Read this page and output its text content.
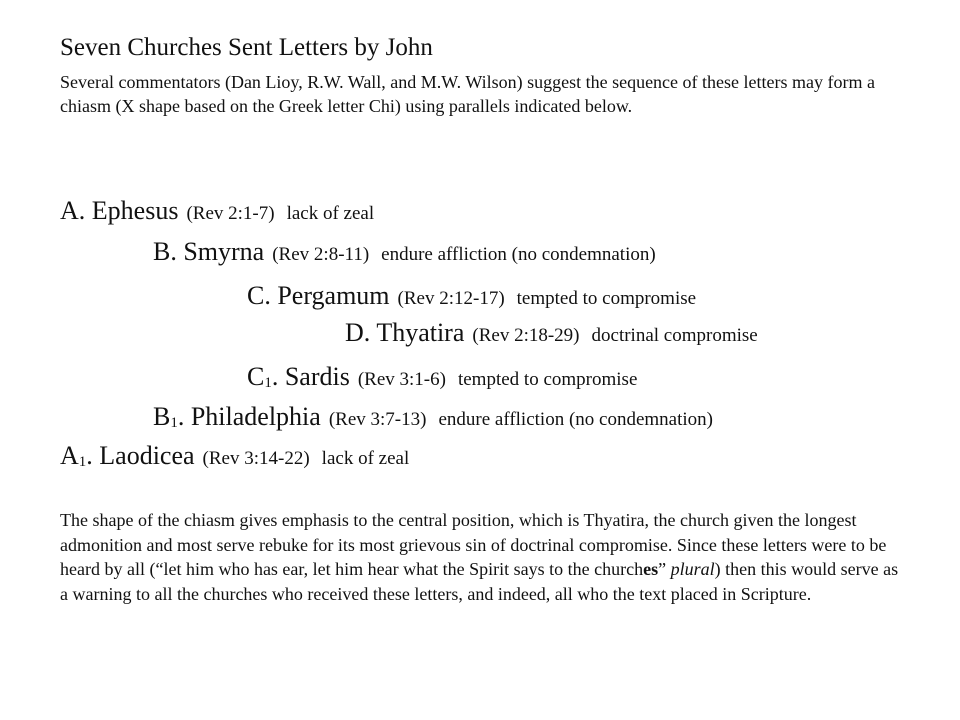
Seven Churches Sent Letters by John
Several commentators (Dan Lioy, R.W. Wall, and M.W. Wilson) suggest the sequence of these letters may form a chiasm (X shape based on the Greek letter Chi) using parallels indicated below.
A. Ephesus (Rev 2:1-7) lack of zeal
B. Smyrna (Rev 2:8-11) endure affliction (no condemnation)
C. Pergamum (Rev 2:12-17) tempted to compromise
D. Thyatira (Rev 2:18-29) doctrinal compromise
C1. Sardis (Rev 3:1-6) tempted to compromise
B1. Philadelphia (Rev 3:7-13) endure affliction (no condemnation)
A1. Laodicea (Rev 3:14-22) lack of zeal
The shape of the chiasm gives emphasis to the central position, which is Thyatira, the church given the longest admonition and most serve rebuke for its most grievous sin of doctrinal compromise. Since these letters were to be heard by all (“let him who has ear, let him hear what the Spirit says to the churches” plural) then this would serve as a warning to all the churches who received these letters, and indeed, all who the text placed in Scripture.
